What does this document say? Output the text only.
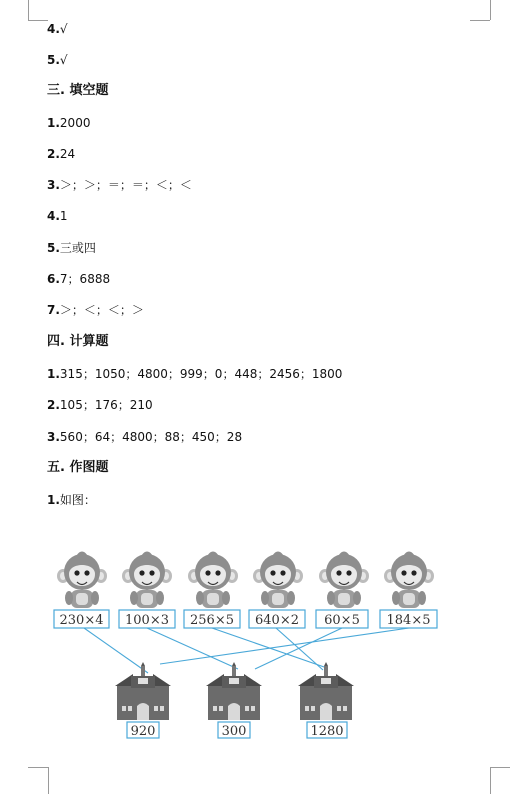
4.√
5.√
三. 填空题
1.2000
2.24
3.＞；＞；＝；＝；＜；＜
4.1
5.三或四
6.7；6888
7.＞；＜；＜；＞
四. 计算题
1.315；1050；4800；999；0；448；2456；1800
2.105；176；210
3.560；64；4800；88；450；28
五. 作图题
1.如图：
230×4 100×3 256×5 640×2 60×5 184×5
920	300	1280
